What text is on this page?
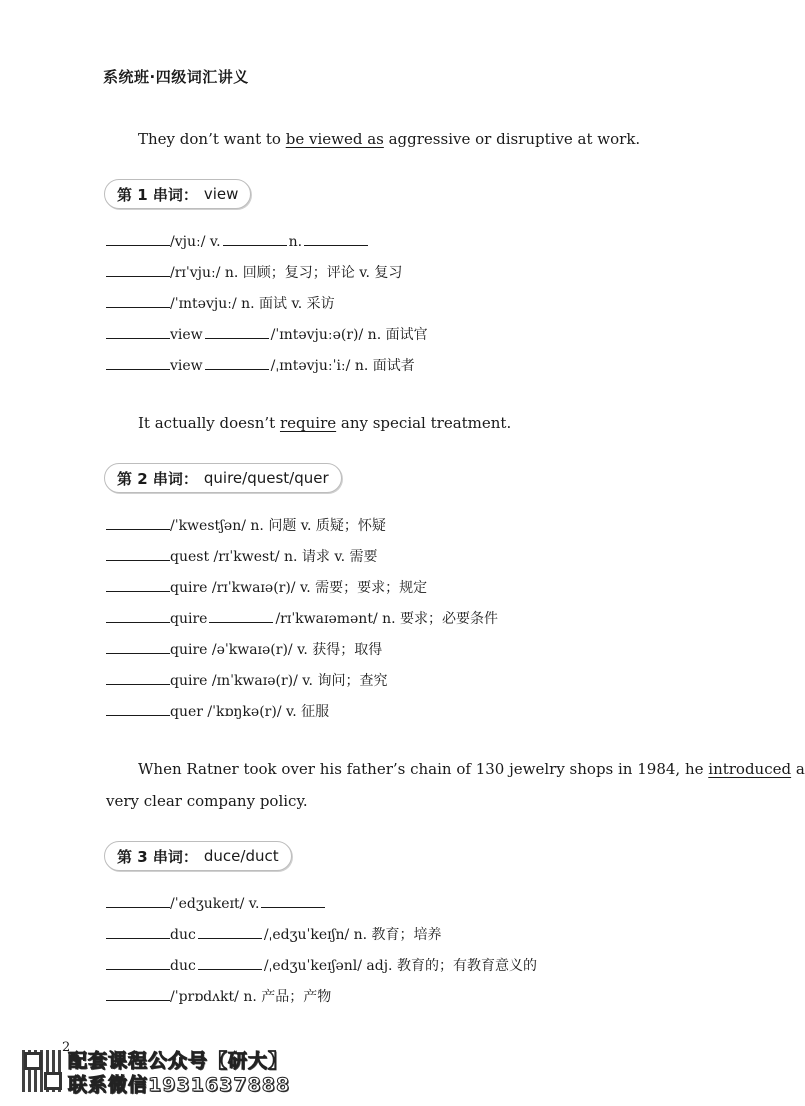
系统班·四级词汇讲义
They don’t want to be viewed as aggressive or disruptive at work.
第 1 串词： view
/vjuː/ v.	n.
/rɪˈvjuː/ n. 回顾；复习；评论 v. 复习
/ˈɪntəvjuː/ n. 面试 v. 采访
view	/ˈɪntəvjuːə(r)/ n. 面试官
view	/ˌɪntəvjuːˈiː/ n. 面试者
It actually doesn’t require any special treatment.
第 2 串词： quire/quest/quer
/ˈkwestʃən/ n. 问题 v. 质疑；怀疑
quest /rɪˈkwest/ n. 请求 v. 需要
quire /rɪˈkwaɪə(r)/ v. 需要；要求；规定
quire	/rɪˈkwaɪəmənt/ n. 要求；必要条件
quire /əˈkwaɪə(r)/ v. 获得；取得
quire /ɪnˈkwaɪə(r)/ v. 询问；查究
quer /ˈkɒŋkə(r)/ v. 征服
When Ratner took over his father’s chain of 130 jewelry shops in 1984, he introduced a
very clear company policy.
第 3 串词： duce/duct
/ˈedʒukeɪt/ v.
duc	/ˌedʒuˈkeɪʃn/ n. 教育；培养
duc	/ˌedʒuˈkeɪʃənl/ adj. 教育的；有教育意义的
/ˈprɒdʌkt/ n. 产品；产物
2
配套课程公众号【研大】
联系微信1931637888
